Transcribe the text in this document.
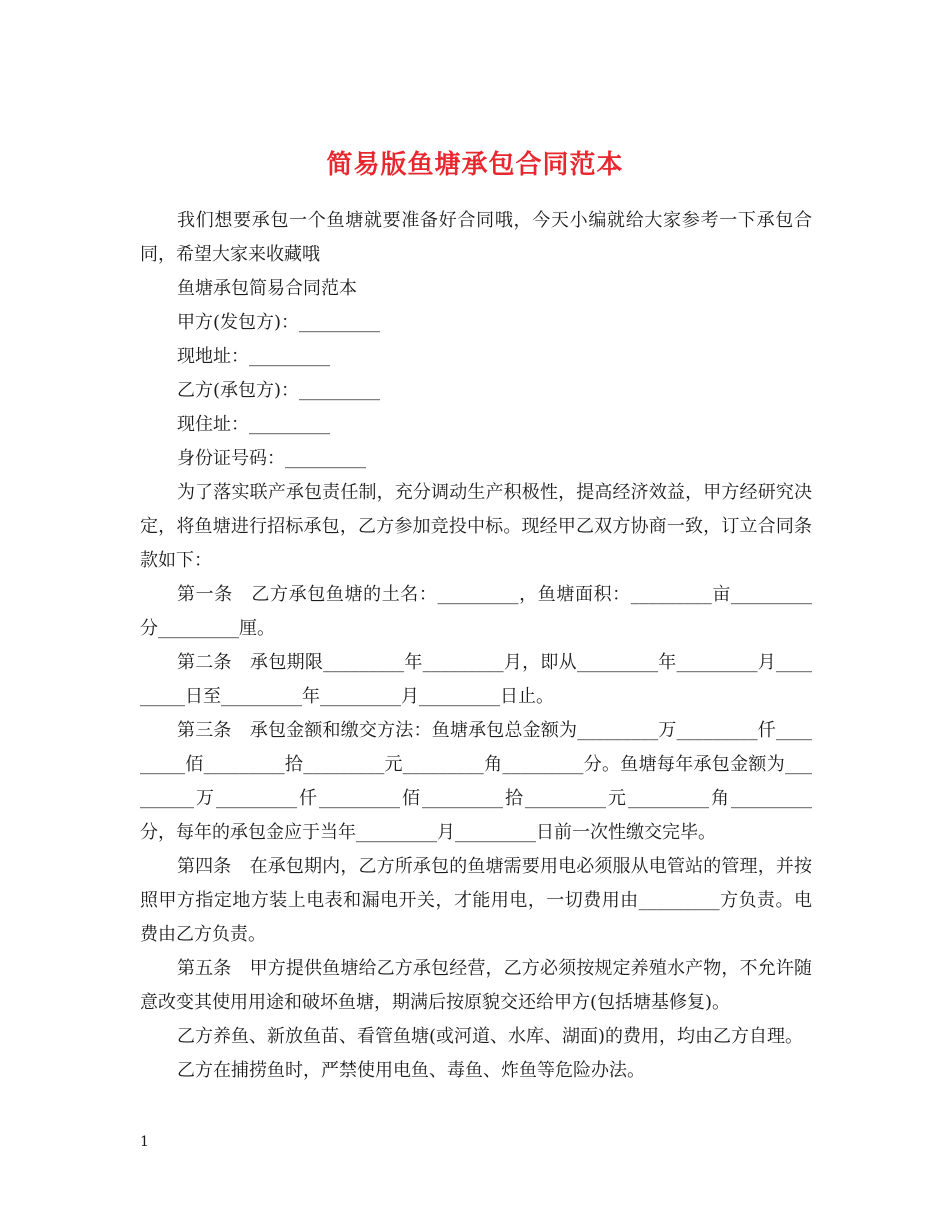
简易版鱼塘承包合同范本

我们想要承包一个鱼塘就要准备好合同哦，今天小编就给大家参考一下承包合同，希望大家来收藏哦

鱼塘承包简易合同范本

甲方(发包方)：_________

现地址：_________

乙方(承包方)：_________

现住址：_________

身份证号码：_________

为了落实联产承包责任制，充分调动生产积极性，提高经济效益，甲方经研究决定，将鱼塘进行招标承包，乙方参加竞投中标。现经甲乙双方协商一致，订立合同条款如下：

第一条　乙方承包鱼塘的土名：_________，鱼塘面积：_________亩_________分_________厘。

第二条　承包期限_________年_________月，即从_________年_________月_________日至_________年_________月_________日止。

第三条　承包金额和缴交方法：鱼塘承包总金额为_________万_________仟_________佰_________拾_________元_________角_________分。鱼塘每年承包金额为_________万_________仟_________佰_________拾_________元_________角_________分，每年的承包金应于当年_________月_________日前一次性缴交完毕。

第四条　在承包期内，乙方所承包的鱼塘需要用电必须服从电管站的管理，并按照甲方指定地方装上电表和漏电开关，才能用电，一切费用由_________方负责。电费由乙方负责。

第五条　甲方提供鱼塘给乙方承包经营，乙方必须按规定养殖水产物，不允许随意改变其使用用途和破坏鱼塘，期满后按原貌交还给甲方(包括塘基修复)。

乙方养鱼、新放鱼苗、看管鱼塘(或河道、水库、湖面)的费用，均由乙方自理。

乙方在捕捞鱼时，严禁使用电鱼、毒鱼、炸鱼等危险办法。

1
